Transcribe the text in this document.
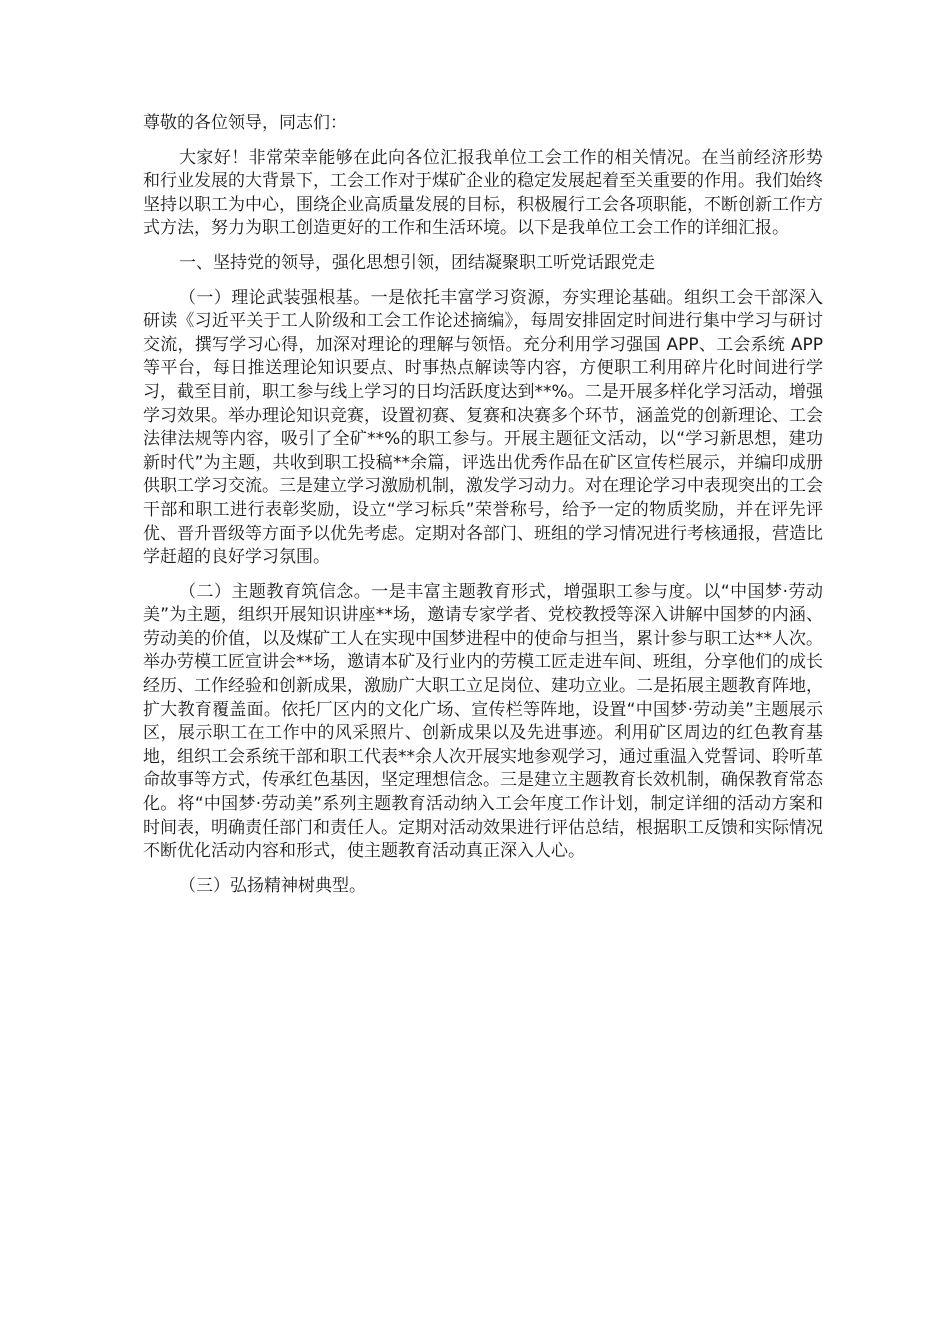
尊敬的各位领导，同志们：

大家好！非常荣幸能够在此向各位汇报我单位工会工作的相关情况。在当前经济形势和行业发展的大背景下，工会工作对于煤矿企业的稳定发展起着至关重要的作用。我们始终坚持以职工为中心，围绕企业高质量发展的目标，积极履行工会各项职能，不断创新工作方式方法，努力为职工创造更好的工作和生活环境。以下是我单位工会工作的详细汇报。

一、坚持党的领导，强化思想引领，团结凝聚职工听党话跟党走

（一）理论武装强根基。一是依托丰富学习资源，夯实理论基础。组织工会干部深入研读《习近平关于工人阶级和工会工作论述摘编》，每周安排固定时间进行集中学习与研讨交流，撰写学习心得，加深对理论的理解与领悟。充分利用学习强国 APP、工会系统 APP 等平台，每日推送理论知识要点、时事热点解读等内容，方便职工利用碎片化时间进行学习，截至目前，职工参与线上学习的日均活跃度达到**%。二是开展多样化学习活动，增强学习效果。举办理论知识竞赛，设置初赛、复赛和决赛多个环节，涵盖党的创新理论、工会法律法规等内容，吸引了全矿**%的职工参与。开展主题征文活动，以“学习新思想，建功新时代”为主题，共收到职工投稿**余篇，评选出优秀作品在矿区宣传栏展示，并编印成册供职工学习交流。三是建立学习激励机制，激发学习动力。对在理论学习中表现突出的工会干部和职工进行表彰奖励，设立“学习标兵”荣誉称号，给予一定的物质奖励，并在评先评优、晋升晋级等方面予以优先考虑。定期对各部门、班组的学习情况进行考核通报，营造比学赶超的良好学习氛围。

（二）主题教育筑信念。一是丰富主题教育形式，增强职工参与度。以“中国梦·劳动美”为主题，组织开展知识讲座**场，邀请专家学者、党校教授等深入讲解中国梦的内涵、劳动美的价值，以及煤矿工人在实现中国梦进程中的使命与担当，累计参与职工达**人次。举办劳模工匠宣讲会**场，邀请本矿及行业内的劳模工匠走进车间、班组，分享他们的成长经历、工作经验和创新成果，激励广大职工立足岗位、建功立业。二是拓展主题教育阵地，扩大教育覆盖面。依托厂区内的文化广场、宣传栏等阵地，设置“中国梦·劳动美”主题展示区，展示职工在工作中的风采照片、创新成果以及先进事迹。利用矿区周边的红色教育基地，组织工会系统干部和职工代表**余人次开展实地参观学习，通过重温入党誓词、聆听革命故事等方式，传承红色基因，坚定理想信念。三是建立主题教育长效机制，确保教育常态化。将“中国梦·劳动美”系列主题教育活动纳入工会年度工作计划，制定详细的活动方案和时间表，明确责任部门和责任人。定期对活动效果进行评估总结，根据职工反馈和实际情况不断优化活动内容和形式，使主题教育活动真正深入人心。

（三）弘扬精神树典型。
